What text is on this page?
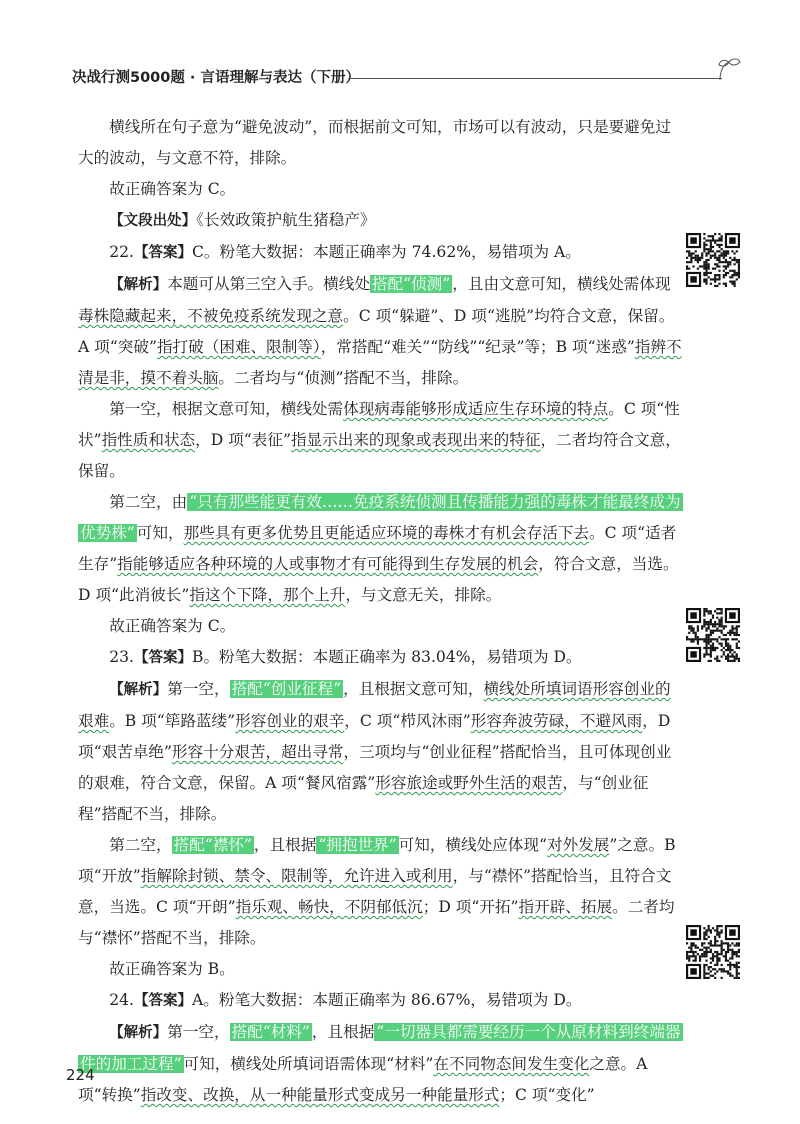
决战行测5000题 · 言语理解与表达（下册）

横线所在句子意为“避免波动”，而根据前文可知，市场可以有波动，只是要避免过大的波动，与文意不符，排除。

故正确答案为 C。

【文段出处】《长效政策护航生猪稳产》

22.【答案】C。粉笔大数据：本题正确率为 74.62%，易错项为 A。

【解析】本题可从第三空入手。横线处 搭配“侦测” ，且由文意可知，横线处需体现毒株隐藏起来，不被免疫系统发现之意。C 项“躲避”、D 项“逃脱”均符合文意，保留。A 项“突破”指打破（困难、限制等），常搭配“难关”“防线”“纪录”等；B 项“迷惑”指辨不清是非，摸不着头脑。二者均与“侦测”搭配不当，排除。

第一空，根据文意可知，横线处需体现病毒能够形成适应生存环境的特点。C 项“性状”指性质和状态，D 项“表征”指显示出来的现象或表现出来的特征，二者均符合文意，保留。

第二空，由 “只有那些能更有效……免疫系统侦测且传播能力强的毒株才能最终成为优势株” 可知，那些具有更多优势且更能适应环境的毒株才有机会存活下去。C 项“适者生存”指能够适应各种环境的人或事物才有可能得到生存发展的机会，符合文意，当选。D 项“此消彼长”指这个下降，那个上升，与文意无关，排除。

故正确答案为 C。

23.【答案】B。粉笔大数据：本题正确率为 83.04%，易错项为 D。

【解析】第一空， 搭配“创业征程” ，且根据文意可知，横线处所填词语形容创业的艰难。B 项“筚路蓝缕”形容创业的艰辛，C 项“栉风沐雨”形容奔波劳碌，不避风雨，D 项“艰苦卓绝”形容十分艰苦，超出寻常，三项均与“创业征程”搭配恰当，且可体现创业的艰难，符合文意，保留。A 项“餐风宿露”形容旅途或野外生活的艰苦，与“创业征程”搭配不当，排除。

第二空， 搭配“襟怀” ，且根据 “拥抱世界” 可知，横线处应体现“对外发展”之意。B 项“开放”指解除封锁、禁令、限制等，允许进入或利用，与“襟怀”搭配恰当，且符合文意，当选。C 项“开朗”指乐观、畅快，不阴郁低沉；D 项“开拓”指开辟、拓展。二者均与“襟怀”搭配不当，排除。

故正确答案为 B。

24.【答案】A。粉笔大数据：本题正确率为 86.67%，易错项为 D。

【解析】第一空， 搭配“材料” ，且根据 “一切器具都需要经历一个从原材料到终端器件的加工过程” 可知，横线处所填词语需体现“材料”在不同物态间发生变化之意。A 项“转换”指改变、改换，从一种能量形式变成另一种能量形式；C 项“变化”

224
